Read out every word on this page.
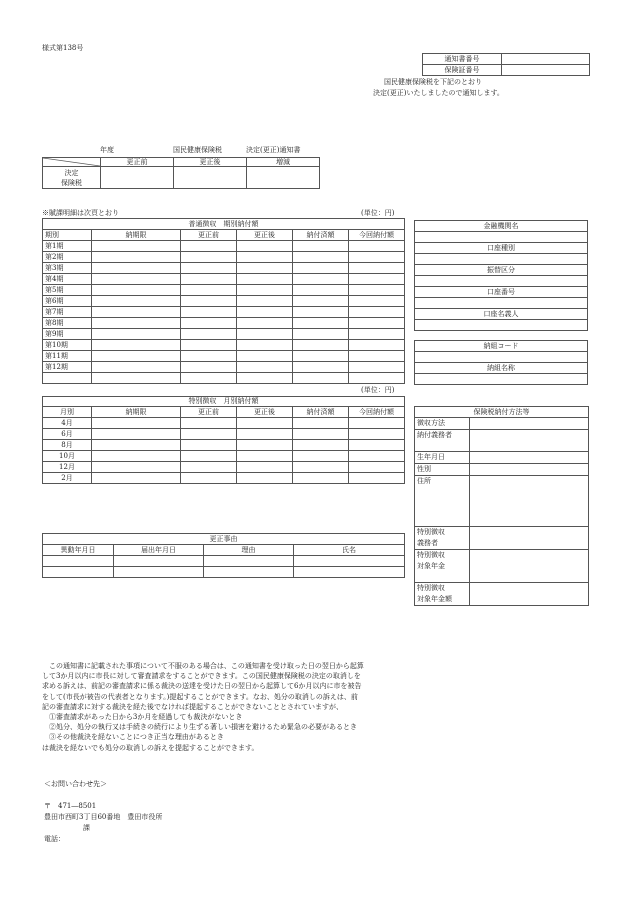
様式第138号
通知書番号	
保険証番号	
国民健康保険税を下記のとおり
決定(更正)いたしましたので通知します。
年度	国民健康保険税	決定(更正)通知書
	更正前	更正後	増減

決定
保険税			

※賦課明細は次頁とおり	(単位：円)
普通徴収　期別納付額					
期別	納期限	更正前	更正後	納付済額	今回納付額
第1期					
第2期					
第3期					
第4期					
第5期					
第6期					
第7期					
第8期					
第9期					
第10期					
第11期					
第12期					

(単位：円)
特別徴収　月別納付額					
月別	納期限	更正前	更正後	納付済額	今回納付額
4月					
6月					
8月					
10月					
12月					
2月					
金融機関名

口座種別

振替区分

口座番号

口座名義人

納組コード

納組名称

保険税納付方法等	

徴収方法	

納付義務者	

生年月日	

性別	

住所	

特別徴収
義務者	

特別徴収
対象年金	

特別徴収
対象年金額	

更正事由			
異動年月日	届出年月日	理由	氏名

　この通知書に記載された事項について不服のある場合は、この通知書を受け取った日の翌日から起算
して3か月以内に市長に対して審査請求をすることができます。この国民健康保険税の決定の取消しを
求める訴えは、前記の審査請求に係る裁決の送達を受けた日の翌日から起算して6か月以内に市を被告
をして(市長が被告の代表者となります。)提起することができます。なお、処分の取消しの訴えは、前
記の審査請求に対する裁決を経た後でなければ提起することができないこととされていますが、
　①審査請求があった日から3か月を経過しても裁決がないとき
　②処分、処分の執行又は手続きの続行により生ずる著しい損害を避けるため緊急の必要があるとき
　③その他裁決を経ないことにつき正当な理由があるとき
は裁決を経ないでも処分の取消しの訴えを提起することができます。
＜お問い合わせ先＞
〒　471―8501
豊田市西町3丁目60番地　豊田市役所
課
電話：
